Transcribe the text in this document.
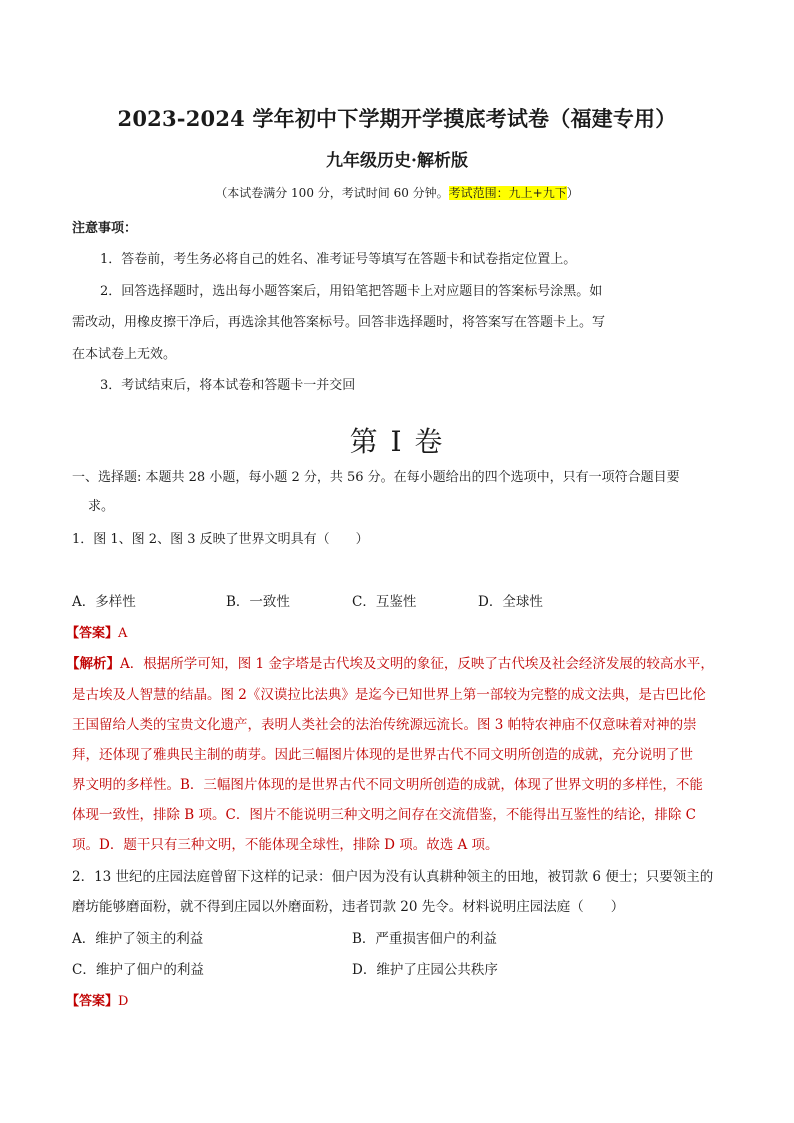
2023-2024 学年初中下学期开学摸底考试卷（福建专用）
九年级历史·解析版
（本试卷满分 100 分，考试时间 60 分钟。考试范围：九上+九下）
注意事项：
1．答卷前，考生务必将自己的姓名、准考证号等填写在答题卡和试卷指定位置上。
2．回答选择题时，选出每小题答案后，用铅笔把答题卡上对应题目的答案标号涂黑。如
需改动，用橡皮擦干净后，再选涂其他答案标号。回答非选择题时，将答案写在答题卡上。写
在本试卷上无效。
3．考试结束后，将本试卷和答题卡一并交回
第 I 卷
一、选择题: 本题共 28 小题，每小题 2 分，共 56 分。在每小题给出的四个选项中，只有一项符合题目要
求。
1．图 1、图 2、图 3 反映了世界文明具有（　　）
A．多样性	B．一致性	C．互鉴性	D．全球性
【答案】A
【解析】 A．根据所学可知，图 1 金字塔是古代埃及文明的象征，反映了古代埃及社会经济发展的较高水平，
是古埃及人智慧的结晶。图 2《汉谟拉比法典》是迄今已知世界上第一部较为完整的成文法典，是古巴比伦
王国留给人类的宝贵文化遗产，表明人类社会的法治传统源远流长。图 3 帕特农神庙不仅意味着对神的崇
拜，还体现了雅典民主制的萌芽。因此三幅图片体现的是世界古代不同文明所创造的成就，充分说明了世
界文明的多样性。B．三幅图片体现的是世界古代不同文明所创造的成就，体现了世界文明的多样性，不能
体现一致性，排除 B 项。C．图片不能说明三种文明之间存在交流借鉴，不能得出互鉴性的结论，排除 C
项。D．题干只有三种文明，不能体现全球性，排除 D 项。故选 A 项。
2．13 世纪的庄园法庭曾留下这样的记录：佃户因为没有认真耕种领主的田地，被罚款 6 便士；只要领主的
磨坊能够磨面粉，就不得到庄园以外磨面粉，违者罚款 20 先令。材料说明庄园法庭（　　）
A．维护了领主的利益	B．严重损害佃户的利益
C．维护了佃户的利益	D．维护了庄园公共秩序
【答案】D
